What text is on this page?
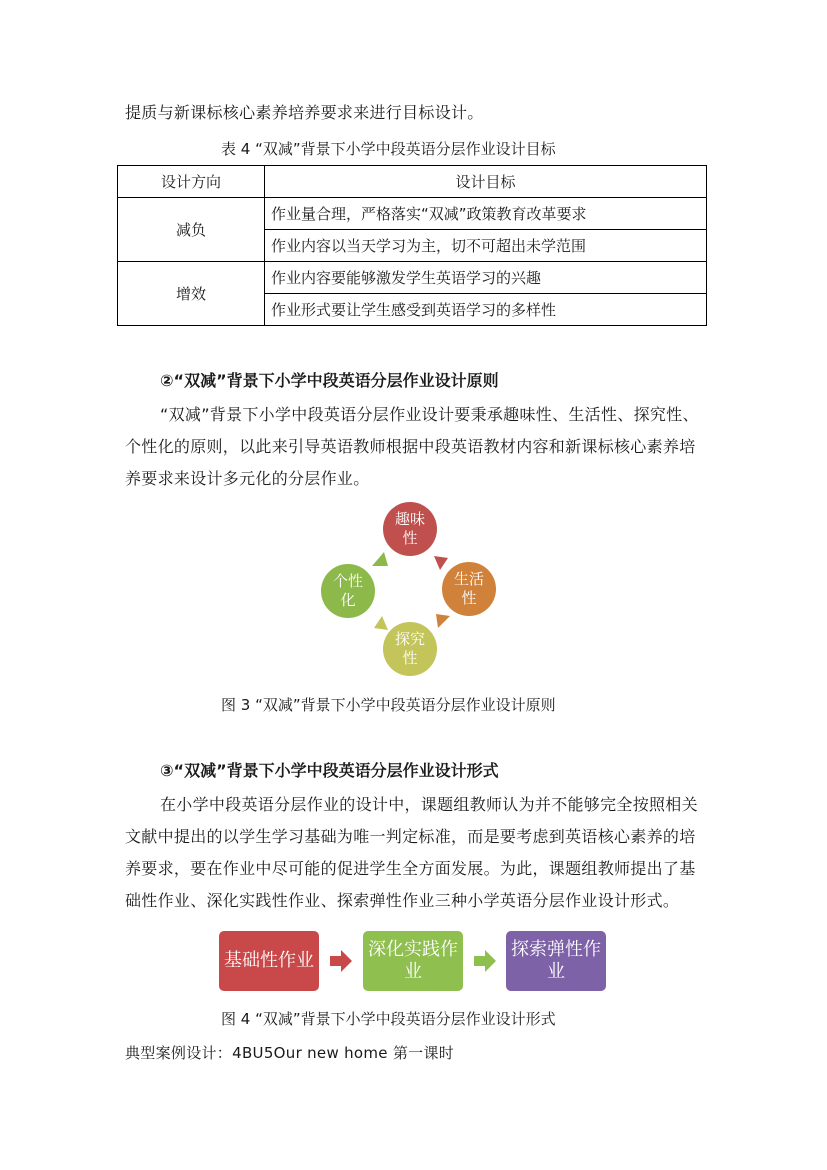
提质与新课标核心素养培养要求来进行目标设计。
表 4 “双减”背景下小学中段英语分层作业设计目标
设计方向	设计目标
减负	作业量合理，严格落实“双减”政策教育改革要求
	作业内容以当天学习为主，切不可超出未学范围
增效	作业内容要能够激发学生英语学习的兴趣
	作业形式要让学生感受到英语学习的多样性
②“双减”背景下小学中段英语分层作业设计原则
“双减”背景下小学中段英语分层作业设计要秉承趣味性、生活性、探究性、
个性化的原则，以此来引导英语教师根据中段英语教材内容和新课标核心素养培
养要求来设计多元化的分层作业。
趣味性
生活性
探究性
个性化
图 3 “双减”背景下小学中段英语分层作业设计原则
③“双减”背景下小学中段英语分层作业设计形式
在小学中段英语分层作业的设计中，课题组教师认为并不能够完全按照相关
文献中提出的以学生学习基础为唯一判定标准，而是要考虑到英语核心素养的培
养要求，要在作业中尽可能的促进学生全方面发展。为此，课题组教师提出了基
础性作业、深化实践性作业、探索弹性作业三种小学英语分层作业设计形式。
基础性作业
深化实践作业
探索弹性作业
图 4 “双减”背景下小学中段英语分层作业设计形式
典型案例设计：4BU5Our new home 第一课时
